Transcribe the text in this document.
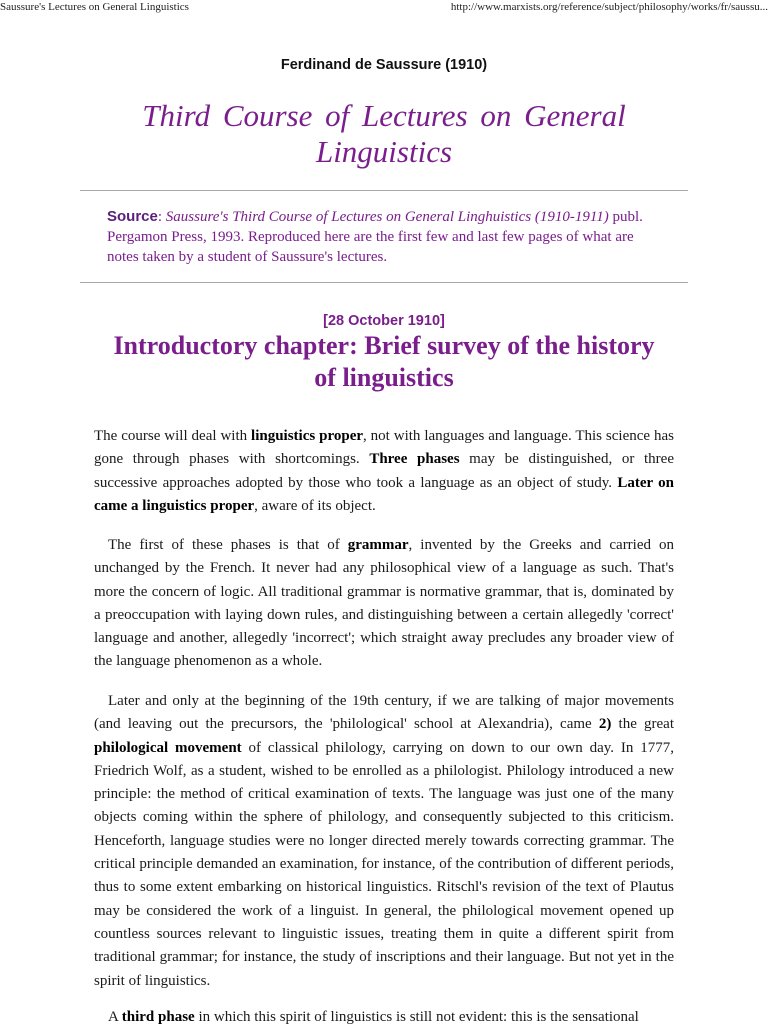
Saussure's Lectures on General Linguistics	http://www.marxists.org/reference/subject/philosophy/works/fr/saussu...
Ferdinand de Saussure (1910)
Third Course of Lectures on General Linguistics
Source: Saussure's Third Course of Lectures on General Linghuistics (1910-1911) publ. Pergamon Press, 1993. Reproduced here are the first few and last few pages of what are notes taken by a student of Saussure's lectures.
[28 October 1910]
Introductory chapter: Brief survey of the history of linguistics
The course will deal with linguistics proper, not with languages and language. This science has gone through phases with shortcomings. Three phases may be distinguished, or three successive approaches adopted by those who took a language as an object of study. Later on came a linguistics proper, aware of its object.
The first of these phases is that of grammar, invented by the Greeks and carried on unchanged by the French. It never had any philosophical view of a language as such. That's more the concern of logic. All traditional grammar is normative grammar, that is, dominated by a preoccupation with laying down rules, and distinguishing between a certain allegedly 'correct' language and another, allegedly 'incorrect'; which straight away precludes any broader view of the language phenomenon as a whole.
Later and only at the beginning of the 19th century, if we are talking of major movements (and leaving out the precursors, the 'philological' school at Alexandria), came 2) the great philological movement of classical philology, carrying on down to our own day. In 1777, Friedrich Wolf, as a student, wished to be enrolled as a philologist. Philology introduced a new principle: the method of critical examination of texts. The language was just one of the many objects coming within the sphere of philology, and consequently subjected to this criticism. Henceforth, language studies were no longer directed merely towards correcting grammar. The critical principle demanded an examination, for instance, of the contribution of different periods, thus to some extent embarking on historical linguistics. Ritschl's revision of the text of Plautus may be considered the work of a linguist. In general, the philological movement opened up countless sources relevant to linguistic issues, treating them in quite a different spirit from traditional grammar; for instance, the study of inscriptions and their language. But not yet in the spirit of linguistics.
A third phase in which this spirit of linguistics is still not evident: this is the sensational
